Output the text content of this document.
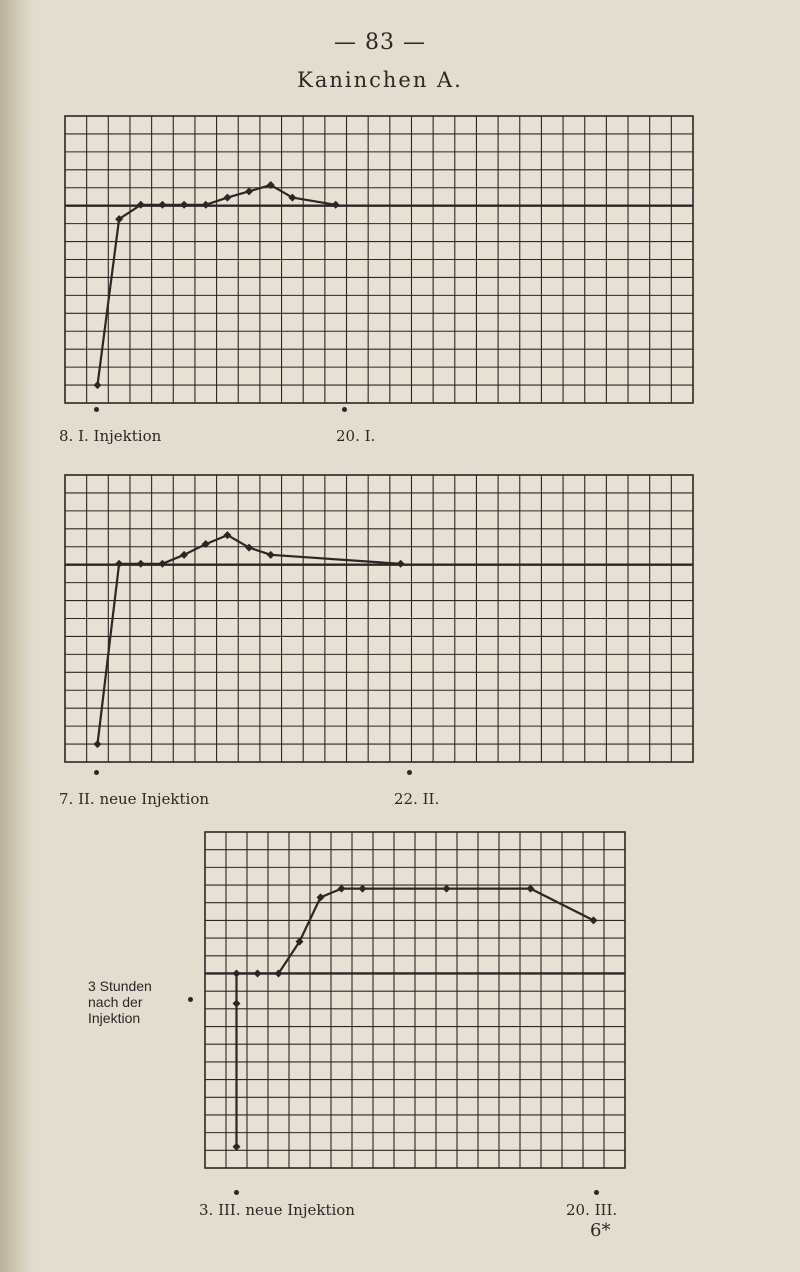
— 83 —
Kaninchen A.
8. I. Injektion	20. I.
7. II. neue Injektion	22. II.
3 Stunden
nach der
Injektion
3. III. neue Injektion	20. III.
6*
